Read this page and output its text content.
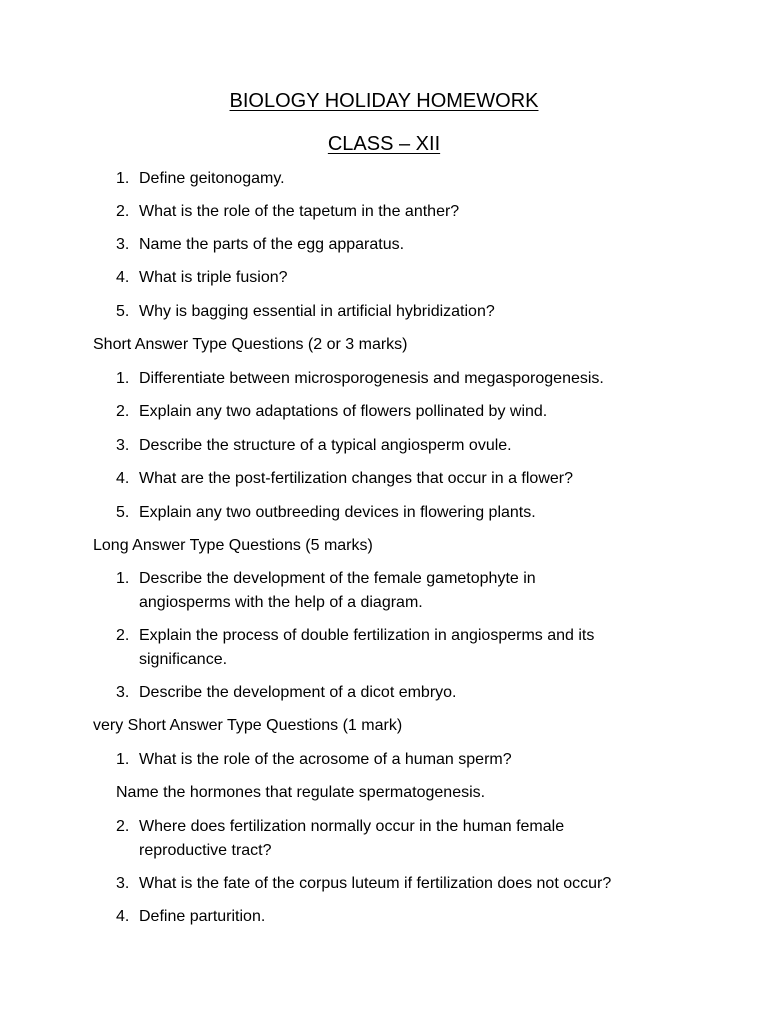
BIOLOGY HOLIDAY HOMEWORK
CLASS – XII
1. Define geitonogamy.
2. What is the role of the tapetum in the anther?
3. Name the parts of the egg apparatus.
4. What is triple fusion?
5. Why is bagging essential in artificial hybridization?
Short Answer Type Questions (2 or 3 marks)
1. Differentiate between microsporogenesis and megasporogenesis.
2. Explain any two adaptations of flowers pollinated by wind.
3. Describe the structure of a typical angiosperm ovule.
4. What are the post-fertilization changes that occur in a flower?
5. Explain any two outbreeding devices in flowering plants.
Long Answer Type Questions (5 marks)
1. Describe the development of the female gametophyte in
angiosperms with the help of a diagram.
2. Explain the process of double fertilization in angiosperms and its
significance.
3. Describe the development of a dicot embryo.
very Short Answer Type Questions (1 mark)
1. What is the role of the acrosome of a human sperm?
Name the hormones that regulate spermatogenesis.
2. Where does fertilization normally occur in the human female
reproductive tract?
3. What is the fate of the corpus luteum if fertilization does not occur?
4. Define parturition.
